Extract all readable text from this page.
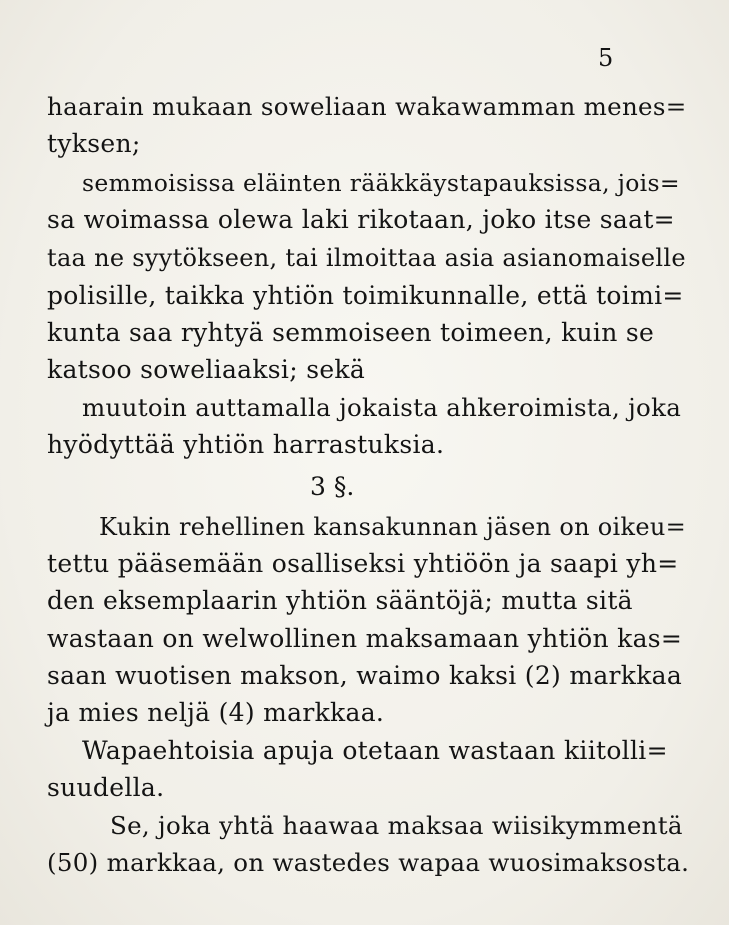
5
haarain mukaan soweliaan wakawamman menes=
tyksen;
semmoisissa eläinten rääkkäystapauksissa, jois=
sa woimassa olewa laki rikotaan, joko itse saat=
taa ne syytökseen, tai ilmoittaa asia asianomaiselle
polisille, taikka yhtiön toimikunnalle, että toimi=
kunta saa ryhtyä semmoiseen toimeen, kuin se
katsoo soweliaaksi; sekä
muutoin auttamalla jokaista ahkeroimista, joka
hyödyttää yhtiön harrastuksia.
3 §.
Kukin rehellinen kansakunnan jäsen on oikeu=
tettu pääsemään osalliseksi yhtiöön ja saapi yh=
den eksemplaarin yhtiön sääntöjä; mutta sitä
wastaan on welwollinen maksamaan yhtiön kas=
saan wuotisen makson, waimo kaksi (2) markkaa
ja mies neljä (4) markkaa.
Wapaehtoisia apuja otetaan wastaan kiitolli=
suudella.
Se, joka yhtä haawaa maksaa wiisikymmentä
(50) markkaa, on wastedes wapaa wuosimaksosta.
